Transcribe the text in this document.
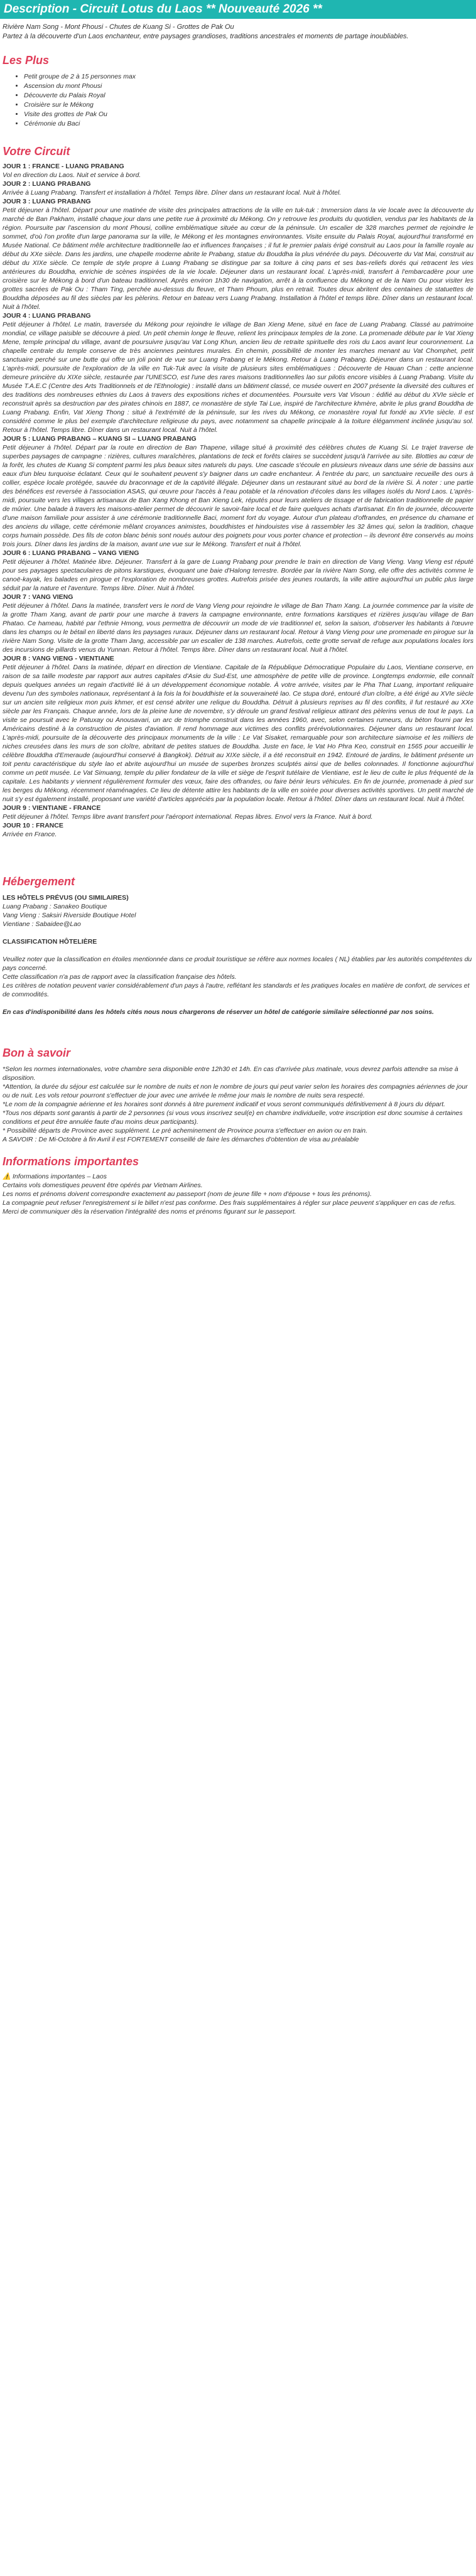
Description - Circuit Lotus du Laos ** Nouveauté 2026 **
Rivière Nam Song - Mont Phousi - Chutes de Kuang Si - Grottes de Pak Ou
Partez à la découverte d'un Laos enchanteur, entre paysages grandioses, traditions ancestrales et moments de partage inoubliables.
Les Plus
• Petit groupe de 2 à 15 personnes max
• Ascension du mont Phousi
• Découverte du Palais Royal
• Croisière sur le Mékong
• Visite des grottes de Pak Ou
• Cérémonie du Baci
Votre Circuit
JOUR 1 : FRANCE - LUANG PRABANG
Vol en direction du Laos. Nuit et service à bord.
JOUR 2 : LUANG PRABANG
Arrivée à Luang Prabang. Transfert et installation à l'hôtel. Temps libre. Dîner dans un restaurant local. Nuit à l'hôtel.
JOUR 3 : LUANG PRABANG
Petit déjeuner à l'hôtel. Départ pour une matinée de visite des principales attractions de la ville en tuk-tuk : Immersion dans la vie locale avec la découverte du marché de Ban Pakham, installé chaque jour dans une petite rue à proximité du Mékong. On y retrouve les produits du quotidien, vendus par les habitants de la région. Poursuite par l'ascension du mont Phousi, colline emblématique située au cœur de la péninsule. Un escalier de 328 marches permet de rejoindre le sommet, d'où l'on profite d'un large panorama sur la ville, le Mékong et les montagnes environnantes. Visite ensuite du Palais Royal, aujourd'hui transformé en Musée National. Ce bâtiment mêle architecture traditionnelle lao et influences françaises ; il fut le premier palais érigé construit au Laos pour la famille royale au début du XXe siècle. Dans les jardins, une chapelle moderne abrite le Prabang, statue du Bouddha la plus vénérée du pays. Découverte du Vat Mai, construit au début du XIXe siècle. Ce temple de style propre à Luang Prabang se distingue par sa toiture à cinq pans et ses bas-reliefs dorés qui retracent les vies antérieures du Bouddha, enrichie de scènes inspirées de la vie locale. Déjeuner dans un restaurant local. L'après-midi, transfert à l'embarcadère pour une croisière sur le Mékong à bord d'un bateau traditionnel. Après environ 1h30 de navigation, arrêt à la confluence du Mékong et de la Nam Ou pour visiter les grottes sacrées de Pak Ou : Tham Ting, perchée au-dessus du fleuve, et Tham Phoum, plus en retrait. Toutes deux abritent des centaines de statuettes de Bouddha déposées au fil des siècles par les pèlerins. Retour en bateau vers Luang Prabang. Installation à l'hôtel et temps libre. Dîner dans un restaurant local. Nuit à l'hôtel.
JOUR 4 : LUANG PRABANG
Petit déjeuner à l'hôtel. Le matin, traversée du Mékong pour rejoindre le village de Ban Xieng Mene, situé en face de Luang Prabang. Classé au patrimoine mondial, ce village paisible se découvre à pied. Un petit chemin longe le fleuve, relient les principaux temples de la zone. La promenade débute par le Vat Xieng Mene, temple principal du village, avant de poursuivre jusqu'au Vat Long Khun, ancien lieu de retraite spirituelle des rois du Laos avant leur couronnement. La chapelle centrale du temple conserve de très anciennes peintures murales. En chemin, possibilité de monter les marches menant au Vat Chomphet, petit sanctuaire perché sur une butte qui offre un joli point de vue sur Luang Prabang et le Mékong. Retour à Luang Prabang. Déjeuner dans un restaurant local. L'après-midi, poursuite de l'exploration de la ville en Tuk-Tuk avec la visite de plusieurs sites emblématiques : Découverte de Hauan Chan : cette ancienne demeure princière du XIXe siècle, restaurée par l'UNESCO, est l'une des rares maisons traditionnelles lao sur pilotis encore visibles à Luang Prabang. Visite du Musée T.A.E.C (Centre des Arts Traditionnels et de l'Ethnologie) : installé dans un bâtiment classé, ce musée ouvert en 2007 présente la diversité des cultures et des traditions des nombreuses ethnies du Laos à travers des expositions riches et documentées. Poursuite vers Vat Visoun : édifié au début du XVIe siècle et reconstruit après sa destruction par des pirates chinois en 1887, ce monastère de style Tai Lue, inspiré de l'architecture khmère, abrite le plus grand Bouddha de Luang Prabang. Enfin, Vat Xieng Thong : situé à l'extrémité de la péninsule, sur les rives du Mékong, ce monastère royal fut fondé au XVIe siècle. Il est considéré comme le plus bel exemple d'architecture religieuse du pays, avec notamment sa chapelle principale à la toiture élégamment inclinée jusqu'au sol. Retour à l'hôtel. Temps libre. Dîner dans un restaurant local. Nuit à l'hôtel.
JOUR 5 : LUANG PRABANG – KUANG SI – LUANG PRABANG
Petit déjeuner à l'hôtel. Départ par la route en direction de Ban Thapene, village situé à proximité des célèbres chutes de Kuang Si. Le trajet traverse de superbes paysages de campagne : rizières, cultures maraîchères, plantations de teck et forêts claires se succèdent jusqu'à l'arrivée au site. Blotties au cœur de la forêt, les chutes de Kuang Si comptent parmi les plus beaux sites naturels du pays. Une cascade s'écoule en plusieurs niveaux dans une série de bassins aux eaux d'un bleu turquoise éclatant. Ceux qui le souhaitent peuvent s'y baigner dans un cadre enchanteur. À l'entrée du parc, un sanctuaire recueille des ours à collier, espèce locale protégée, sauvée du braconnage et de la captivité illégale. Déjeuner dans un restaurant situé au bord de la rivière Si. À noter : une partie des bénéfices est reversée à l'association ASAS, qui œuvre pour l'accès à l'eau potable et la rénovation d'écoles dans les villages isolés du Nord Laos. L'après-midi, poursuite vers les villages artisanaux de Ban Xang Khong et Ban Xieng Lek, réputés pour leurs ateliers de tissage et de fabrication traditionnelle de papier de mûrier. Une balade à travers les maisons-atelier permet de découvrir le savoir-faire local et de faire quelques achats d'artisanat. En fin de journée, découverte d'une maison familiale pour assister à une cérémonie traditionnelle Baci, moment fort du voyage. Autour d'un plateau d'offrandes, en présence du chamane et des anciens du village, cette cérémonie mêlant croyances animistes, bouddhistes et hindouistes vise à rassembler les 32 âmes qui, selon la tradition, chaque corps humain possède. Des fils de coton blanc bénis sont noués autour des poignets pour vous porter chance et protection – ils devront être conservés au moins trois jours. Dîner dans les jardins de la maison, avant une vue sur le Mékong. Transfert et nuit à l'hôtel.
JOUR 6 : LUANG PRABANG – VANG VIENG
Petit déjeuner à l'hôtel. Matinée libre. Déjeuner. Transfert à la gare de Luang Prabang pour prendre le train en direction de Vang Vieng. Vang Vieng est réputé pour ses paysages spectaculaires de pitons karstiques, évoquant une baie d'Halong terrestre. Bordée par la rivière Nam Song, elle offre des activités comme le canoë-kayak, les balades en pirogue et l'exploration de nombreuses grottes. Autrefois prisée des jeunes routards, la ville attire aujourd'hui un public plus large séduit par la nature et l'aventure. Temps libre. Dîner. Nuit à l'hôtel.
JOUR 7 : VANG VIENG
Petit déjeuner à l'hôtel. Dans la matinée, transfert vers le nord de Vang Vieng pour rejoindre le village de Ban Tham Xang. La journée commence par la visite de la grotte Tham Xang, avant de partir pour une marche à travers la campagne environnante, entre formations karstiques et rizières jusqu'au village de Ban Phatao. Ce hameau, habité par l'ethnie Hmong, vous permettra de découvrir un mode de vie traditionnel et, selon la saison, d'observer les habitants à l'œuvre dans les champs ou le bétail en liberté dans les paysages ruraux. Déjeuner dans un restaurant local. Retour à Vang Vieng pour une promenade en pirogue sur la rivière Nam Song. Visite de la grotte Tham Jang, accessible par un escalier de 138 marches. Autrefois, cette grotte servait de refuge aux populations locales lors des incursions de pillards venus du Yunnan. Retour à l'hôtel. Temps libre. Dîner dans un restaurant local. Nuit à l'hôtel.
JOUR 8 : VANG VIENG - VIENTIANE
Petit déjeuner à l'hôtel. Dans la matinée, départ en direction de Vientiane. Capitale de la République Démocratique Populaire du Laos, Vientiane conserve, en raison de sa taille modeste par rapport aux autres capitales d'Asie du Sud-Est, une atmosphère de petite ville de province. Longtemps endormie, elle connaît depuis quelques années un regain d'activité lié à un développement économique notable. À votre arrivée, visites par le Pha That Luang, important reliquaire devenu l'un des symboles nationaux, représentant à la fois la foi bouddhiste et la souveraineté lao. Ce stupa doré, entouré d'un cloître, a été érigé au XVIe siècle sur un ancien site religieux mon puis khmer, et est censé abriter une relique du Bouddha. Détruit à plusieurs reprises au fil des conflits, il fut restauré au XXe siècle par les Français. Chaque année, lors de la pleine lune de novembre, s'y déroule un grand festival religieux attirant des pèlerins venus de tout le pays. La visite se poursuit avec le Patuxay ou Anousavari, un arc de triomphe construit dans les années 1960, avec, selon certaines rumeurs, du béton fourni par les Américains destiné à la construction de pistes d'aviation. Il rend hommage aux victimes des conflits prérévolutionnaires. Déjeuner dans un restaurant local. L'après-midi, poursuite de la découverte des principaux monuments de la ville : Le Vat Sisaket, remarquable pour son architecture siamoise et les milliers de niches creusées dans les murs de son cloître, abritant de petites statues de Bouddha. Juste en face, le Vat Ho Phra Keo, construit en 1565 pour accueillir le célèbre Bouddha d'Emeraude (aujourd'hui conservé à Bangkok). Détruit au XIXe siècle, il a été reconstruit en 1942. Entouré de jardins, le bâtiment présente un toit pentu caractéristique du style lao et abrite aujourd'hui un musée de superbes bronzes sculptés ainsi que de belles colonnades. Il fonctionne aujourd'hui comme un petit musée. Le Vat Simuang, temple du pilier fondateur de la ville et siège de l'esprit tutélaire de Vientiane, est le lieu de culte le plus fréquenté de la capitale. Les habitants y viennent régulièrement formuler des vœux, faire des offrandes, ou faire bénir leurs véhicules. En fin de journée, promenade à pied sur les berges du Mékong, récemment réaménagées. Ce lieu de détente attire les habitants de la ville en soirée pour diverses activités sportives. Un petit marché de nuit s'y est également installé, proposant une variété d'articles appréciés par la population locale. Retour à l'hôtel. Dîner dans un restaurant local. Nuit à l'hôtel.
JOUR 9 : VIENTIANE - FRANCE
Petit déjeuner à l'hôtel. Temps libre avant transfert pour l'aéroport international. Repas libres. Envol vers la France. Nuit à bord.
JOUR 10 : FRANCE
Arrivée en France.
Hébergement
LES HÔTELS PRÉVUS (OU SIMILAIRES)
Luang Prabang : Sanakeo Boutique
Vang Vieng : Saksiri Riverside Boutique Hotel
Vientiane : Sabaidee@Lao
CLASSIFICATION HÔTELIÈRE
Veuillez noter que la classification en étoiles mentionnée dans ce produit touristique se réfère aux normes locales ( NL) établies par les autorités compétentes du pays concerné.
Cette classification n'a pas de rapport avec la classification française des hôtels.
Les critères de notation peuvent varier considérablement d'un pays à l'autre, reflétant les standards et les pratiques locales en matière de confort, de services et de commodités.
En cas d'indisponibilité dans les hôtels cités nous nous chargerons de réserver un hôtel de catégorie similaire sélectionné par nos soins.
Bon à savoir
*Selon les normes internationales, votre chambre sera disponible entre 12h30 et 14h. En cas d'arrivée plus matinale, vous devrez parfois attendre sa mise à disposition.
*Attention, la durée du séjour est calculée sur le nombre de nuits et non le nombre de jours qui peut varier selon les horaires des compagnies aériennes de jour ou de nuit. Les vols retour pourront s'effectuer de jour avec une arrivée le même jour mais le nombre de nuits sera respecté.
*Le nom de la compagnie aérienne et les horaires sont donnés à titre purement indicatif et vous seront communiqués définitivement à 8 jours du départ.
*Tous nos départs sont garantis à partir de 2 personnes (si vous vous inscrivez seul(e) en chambre individuelle, votre inscription est donc soumise à certaines conditions et peut être annulée faute d'au moins deux participants).
* Possibilité départs de Province avec supplément. Le pré acheminement de Province pourra s'effectuer en avion ou en train.
A SAVOIR : De Mi-Octobre à fin Avril il est FORTEMENT conseillé de faire les démarches d'obtention de visa au préalable
Informations importantes
⚠️ Informations importantes – Laos
Certains vols domestiques peuvent être opérés par Vietnam Airlines.
Les noms et prénoms doivent correspondre exactement au passeport (nom de jeune fille + nom d'épouse + tous les prénoms).
La compagnie peut refuser l'enregistrement si le billet n'est pas conforme. Des frais supplémentaires à régler sur place peuvent s'appliquer en cas de refus.
Merci de communiquer dès la réservation l'intégralité des noms et prénoms figurant sur le passeport.
